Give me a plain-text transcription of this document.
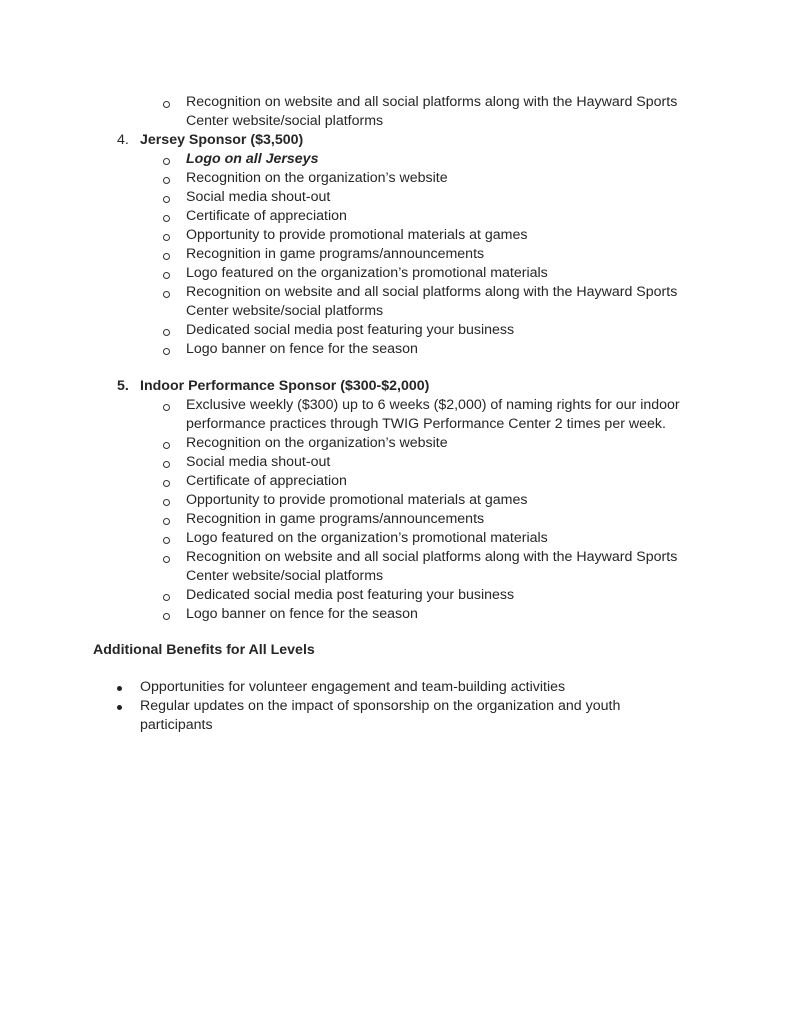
Recognition on website and all social platforms along with the Hayward Sports
Center website/social platforms
4. Jersey Sponsor ($3,500)
Logo on all Jerseys
Recognition on the organization’s website
Social media shout-out
Certificate of appreciation
Opportunity to provide promotional materials at games
Recognition in game programs/announcements
Logo featured on the organization’s promotional materials
Recognition on website and all social platforms along with the Hayward Sports
Center website/social platforms
Dedicated social media post featuring your business
Logo banner on fence for the season
5. Indoor Performance Sponsor ($300-$2,000)
Exclusive weekly ($300) up to 6 weeks ($2,000) of naming rights for our indoor
performance practices through TWIG Performance Center 2 times per week.
Recognition on the organization’s website
Social media shout-out
Certificate of appreciation
Opportunity to provide promotional materials at games
Recognition in game programs/announcements
Logo featured on the organization’s promotional materials
Recognition on website and all social platforms along with the Hayward Sports
Center website/social platforms
Dedicated social media post featuring your business
Logo banner on fence for the season
Additional Benefits for All Levels
Opportunities for volunteer engagement and team-building activities
Regular updates on the impact of sponsorship on the organization and youth
participants
